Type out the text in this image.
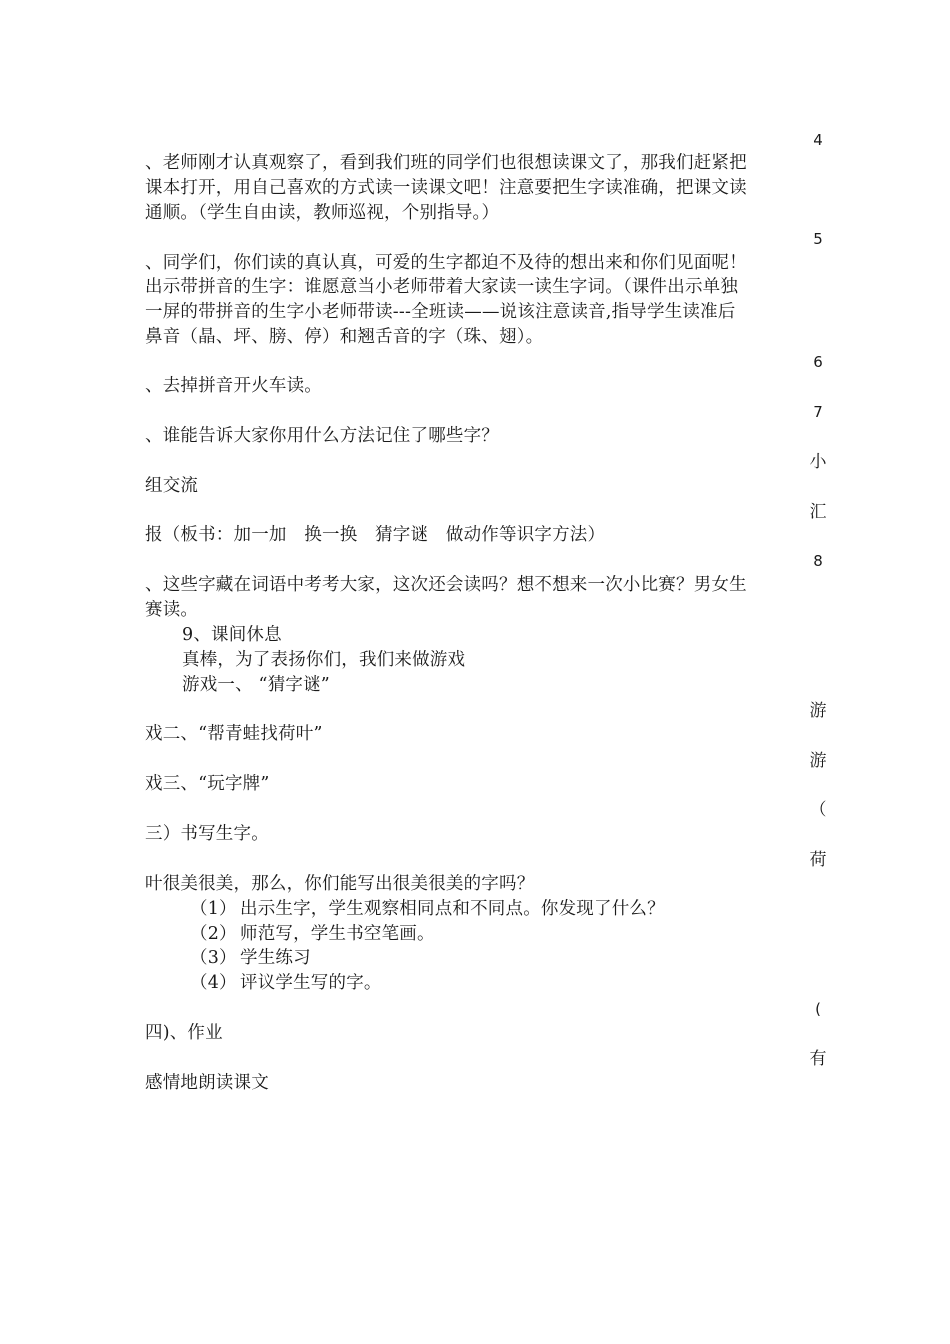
4
5
6
7
小
汇
8
游
游
（
荷
(
有
、老师刚才认真观察了，看到我们班的同学们也很想读课文了，那我们赶紧把
课本打开，用自己喜欢的方式读一读课文吧！注意要把生字读准确，把课文读
通顺。（学生自由读，教师巡视，个别指导。）
、同学们，你们读的真认真，可爱的生字都迫不及待的想出来和你们见面呢！
出示带拼音的生字：谁愿意当小老师带着大家读一读生字词。（课件出示单独
一屏的带拼音的生字小老师带读---全班读——说该注意读音,指导学生读准后
鼻音（晶、坪、膀、停）和翘舌音的字（珠、翅）。
、去掉拼音开火车读。
、谁能告诉大家你用什么方法记住了哪些字？
组交流
报（板书：加一加　换一换　猜字谜　做动作等识字方法）
、这些字藏在词语中考考大家，这次还会读吗？想不想来一次小比赛？男女生
赛读。
9、课间休息
真棒，为了表扬你们，我们来做游戏
游戏一、 “猜字谜”
戏二、“帮青蛙找荷叶”
戏三、“玩字牌”
三）书写生字。
叶很美很美，那么，你们能写出很美很美的字吗？
（1） 出示生字，学生观察相同点和不同点。你发现了什么？
（2） 师范写，学生书空笔画。
（3） 学生练习
（4） 评议学生写的字。
四)、作业
感情地朗读课文
